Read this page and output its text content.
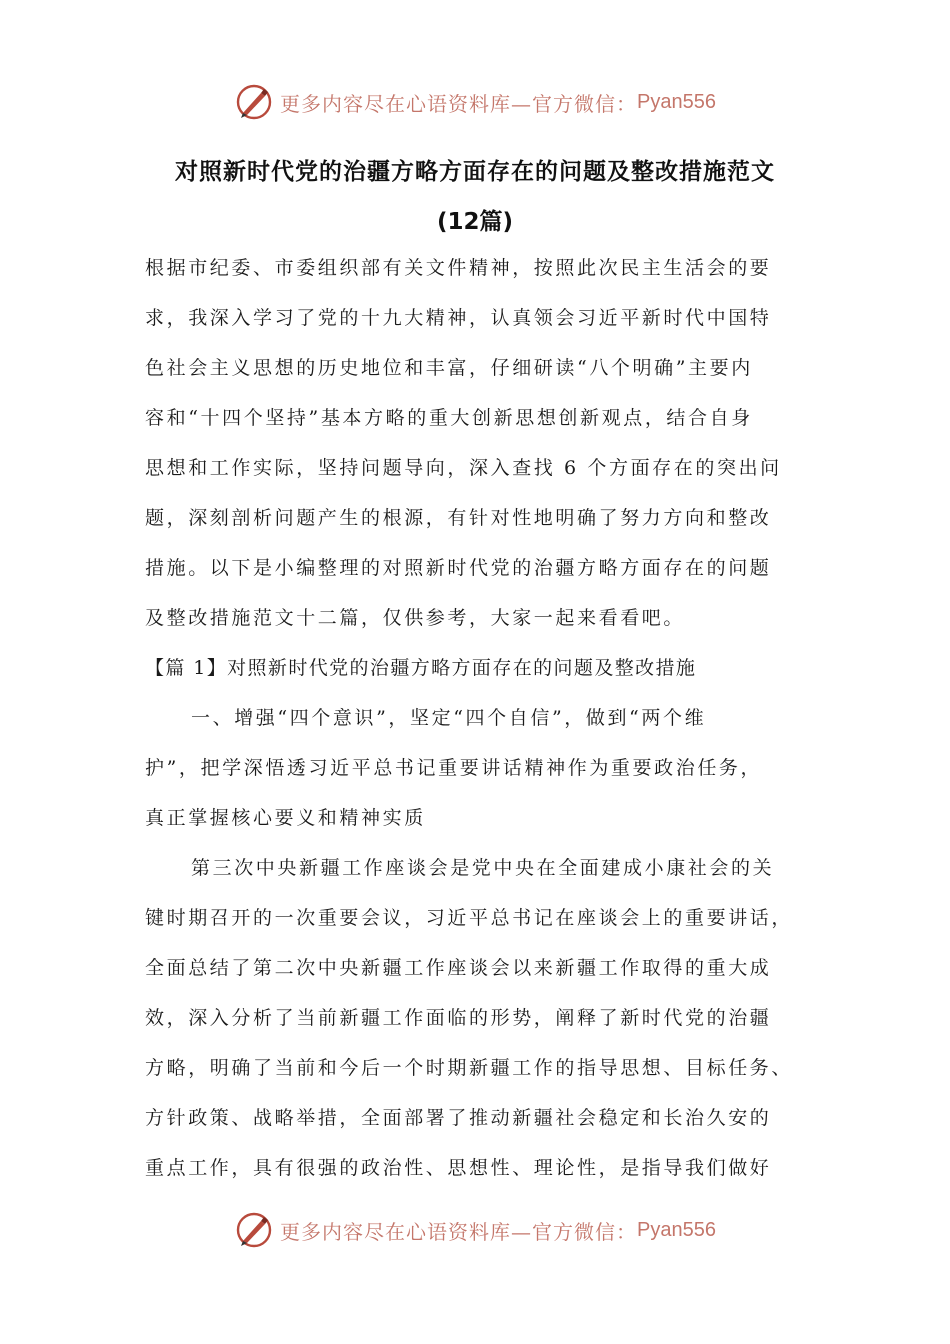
更多内容尽在心语资料库—官方微信： Pyan556
对照新时代党的治疆方略方面存在的问题及整改措施范文
(12篇)
根据市纪委、市委组织部有关文件精神，按照此次民主生活会的要
求，我深入学习了党的十九大精神，认真领会习近平新时代中国特
色社会主义思想的历史地位和丰富，仔细研读“八个明确”主要内
容和“十四个坚持”基本方略的重大创新思想创新观点，结合自身
思想和工作实际，坚持问题导向，深入查找 6 个方面存在的突出问
题，深刻剖析问题产生的根源，有针对性地明确了努力方向和整改
措施。以下是小编整理的对照新时代党的治疆方略方面存在的问题
及整改措施范文十二篇，仅供参考，大家一起来看看吧。
【篇 1】对照新时代党的治疆方略方面存在的问题及整改措施
一、增强“四个意识”，坚定“四个自信”，做到“两个维
护”，把学深悟透习近平总书记重要讲话精神作为重要政治任务，
真正掌握核心要义和精神实质
第三次中央新疆工作座谈会是党中央在全面建成小康社会的关
键时期召开的一次重要会议，习近平总书记在座谈会上的重要讲话，
全面总结了第二次中央新疆工作座谈会以来新疆工作取得的重大成
效，深入分析了当前新疆工作面临的形势，阐释了新时代党的治疆
方略，明确了当前和今后一个时期新疆工作的指导思想、目标任务、
方针政策、战略举措，全面部署了推动新疆社会稳定和长治久安的
重点工作，具有很强的政治性、思想性、理论性，是指导我们做好
更多内容尽在心语资料库—官方微信： Pyan556
